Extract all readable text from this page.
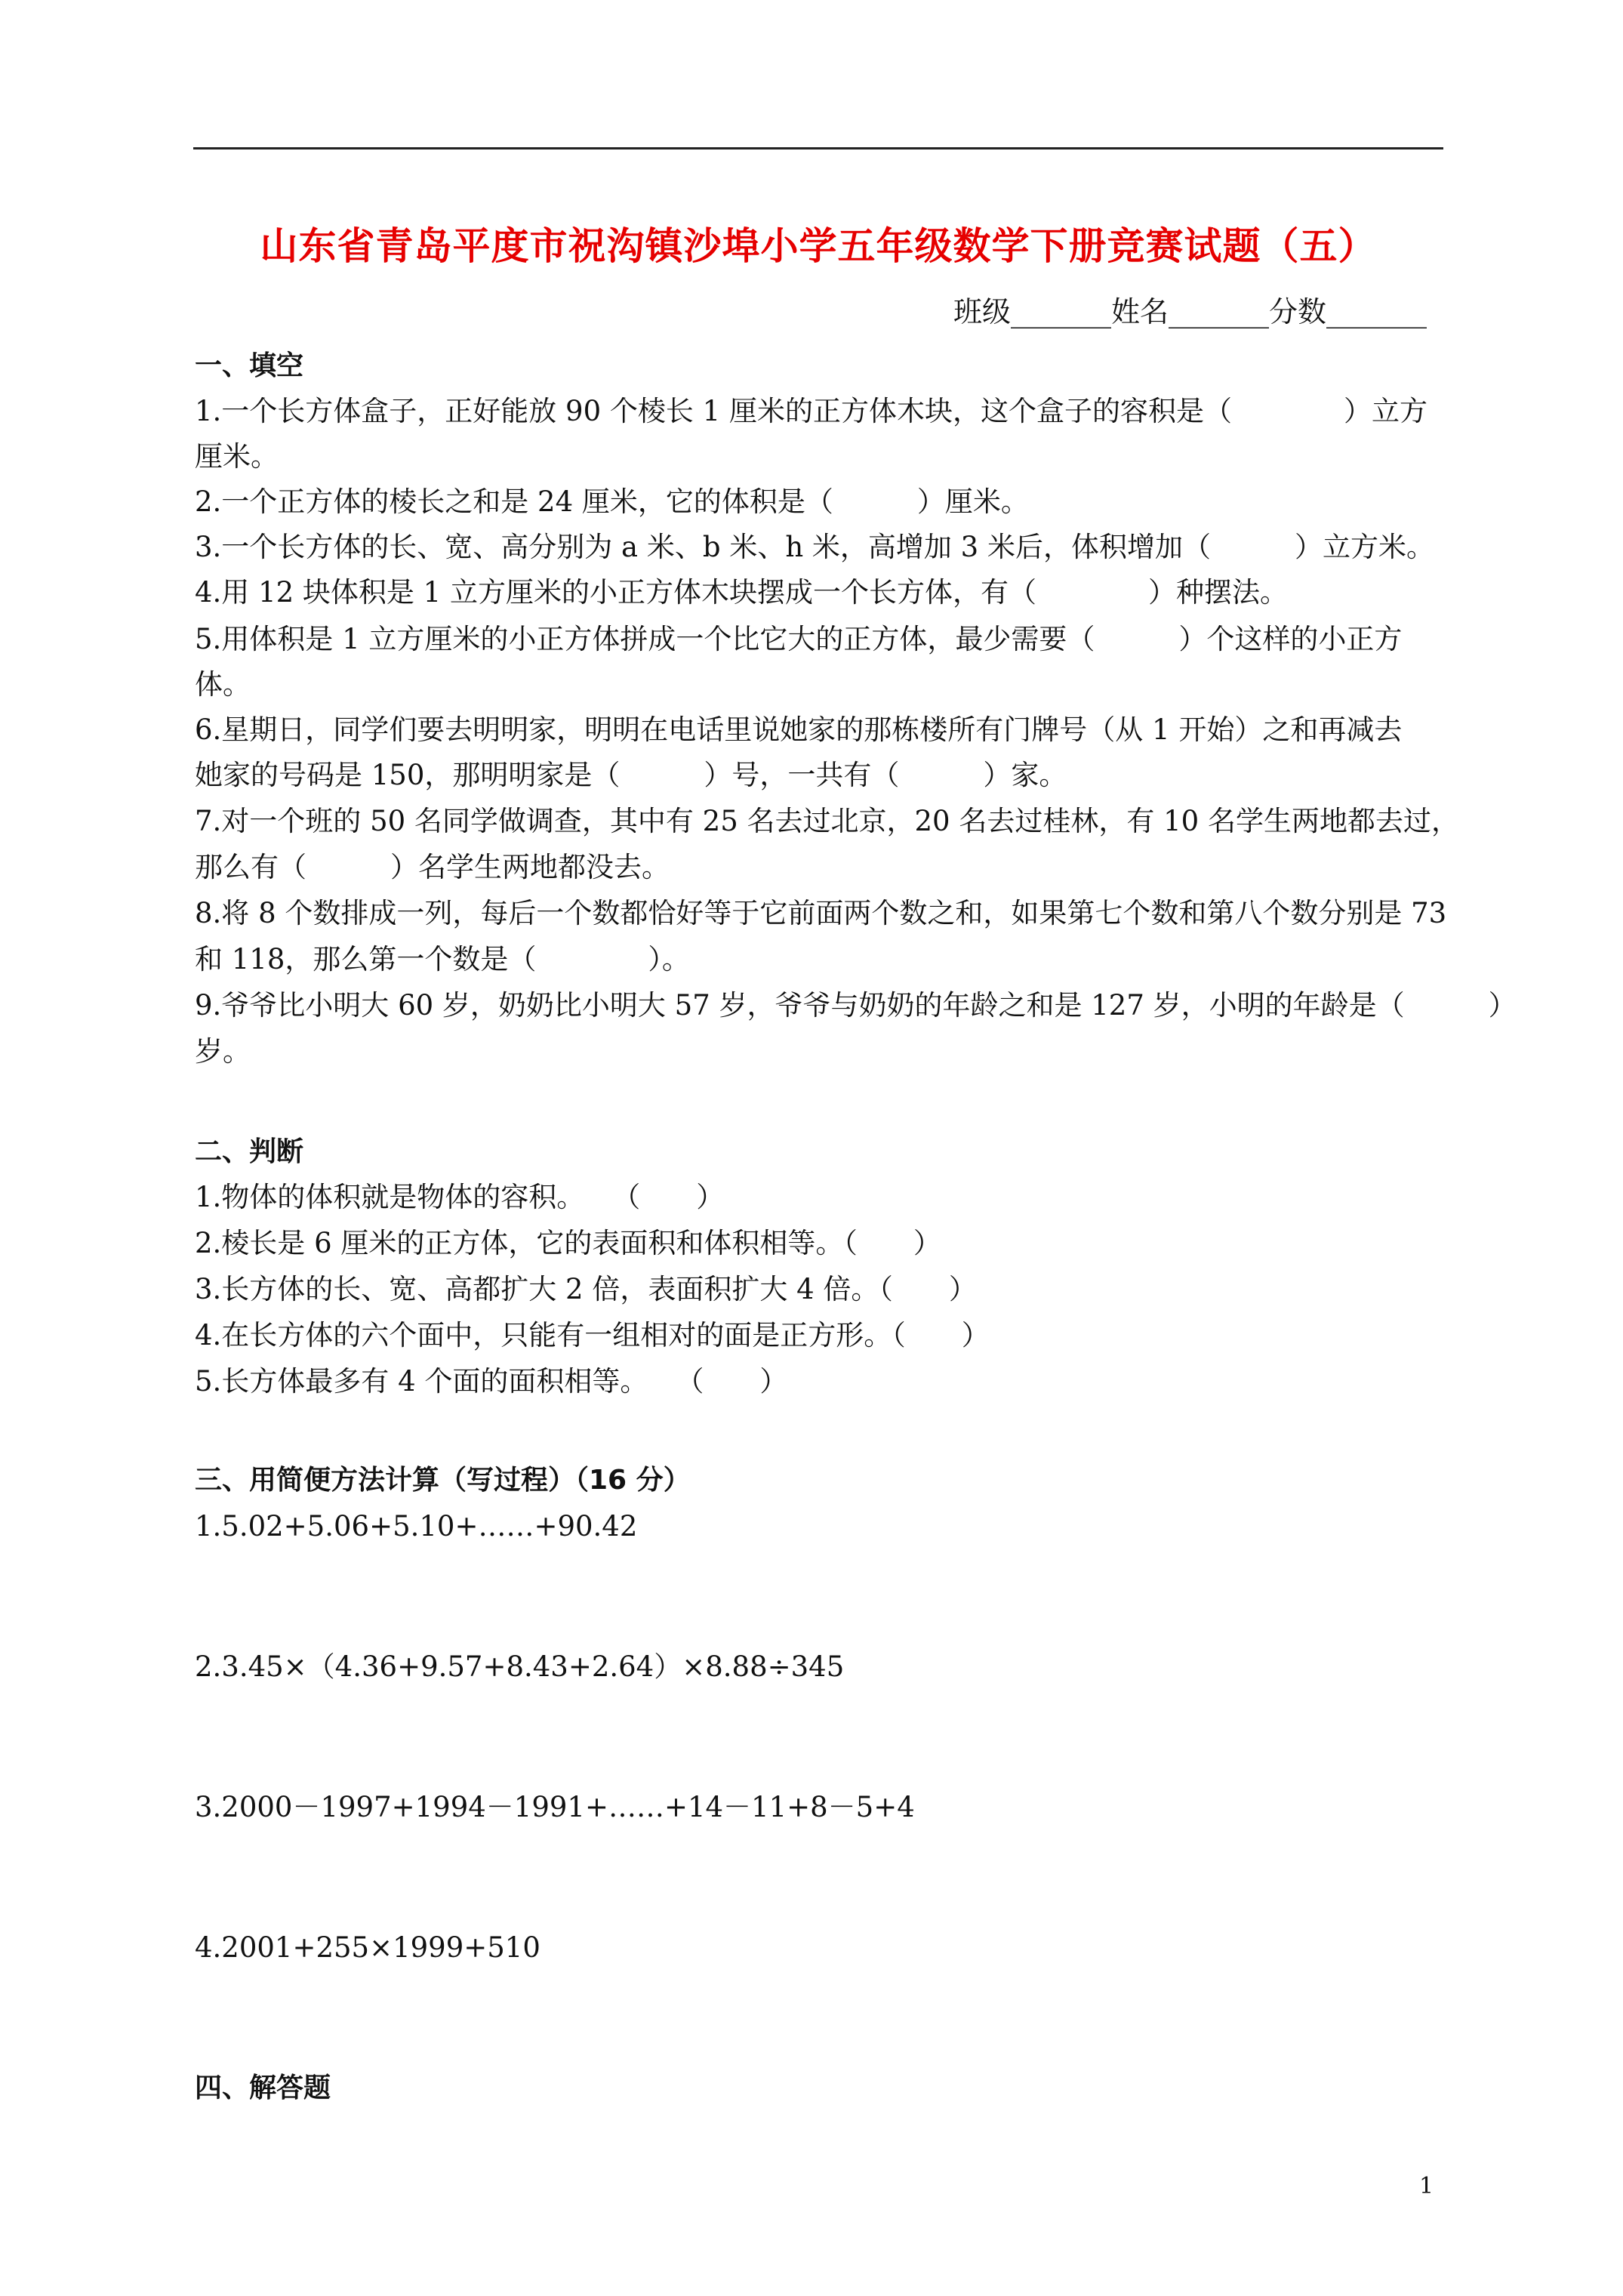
山东省青岛平度市祝沟镇沙埠小学五年级数学下册竞赛试题（五）
班级_______姓名_______分数_______
一、填空
1.一个长方体盒子，正好能放 90 个棱长 1 厘米的正方体木块，这个盒子的容积是（　　　　）立方
厘米。
2.一个正方体的棱长之和是 24 厘米，它的体积是（　　　）厘米。
3.一个长方体的长、宽、高分别为 a 米、b 米、h 米，高增加 3 米后，体积增加（　　　）立方米。
4.用 12 块体积是 1 立方厘米的小正方体木块摆成一个长方体，有（　　　　）种摆法。
5.用体积是 1 立方厘米的小正方体拼成一个比它大的正方体，最少需要（　　　）个这样的小正方
体。
6.星期日，同学们要去明明家，明明在电话里说她家的那栋楼所有门牌号（从 1 开始）之和再减去
她家的号码是 150，那明明家是（　　　）号，一共有（　　　）家。
7.对一个班的 50 名同学做调查，其中有 25 名去过北京，20 名去过桂林，有 10 名学生两地都去过，
那么有（　　　）名学生两地都没去。
8.将 8 个数排成一列，每后一个数都恰好等于它前面两个数之和，如果第七个数和第八个数分别是 73
和 118，那么第一个数是（　　　　）。
9.爷爷比小明大 60 岁，奶奶比小明大 57 岁，爷爷与奶奶的年龄之和是 127 岁，小明的年龄是（　　　）
岁。
二、判断
1.物体的体积就是物体的容积。　　（　　）
2.棱长是 6 厘米的正方体，它的表面积和体积相等。（　　）
3.长方体的长、宽、高都扩大 2 倍，表面积扩大 4 倍。（　　）
4.在长方体的六个面中，只能有一组相对的面是正方形。（　　）
5.长方体最多有 4 个面的面积相等。　　（　　）
三、用简便方法计算（写过程）（16 分）
1.5.02+5.06+5.10+……+90.42
2.3.45×（4.36+9.57+8.43+2.64）×8.88÷345
3.2000－1997+1994－1991+……+14－11+8－5+4
4.2001+255×1999+510
四、解答题
1
